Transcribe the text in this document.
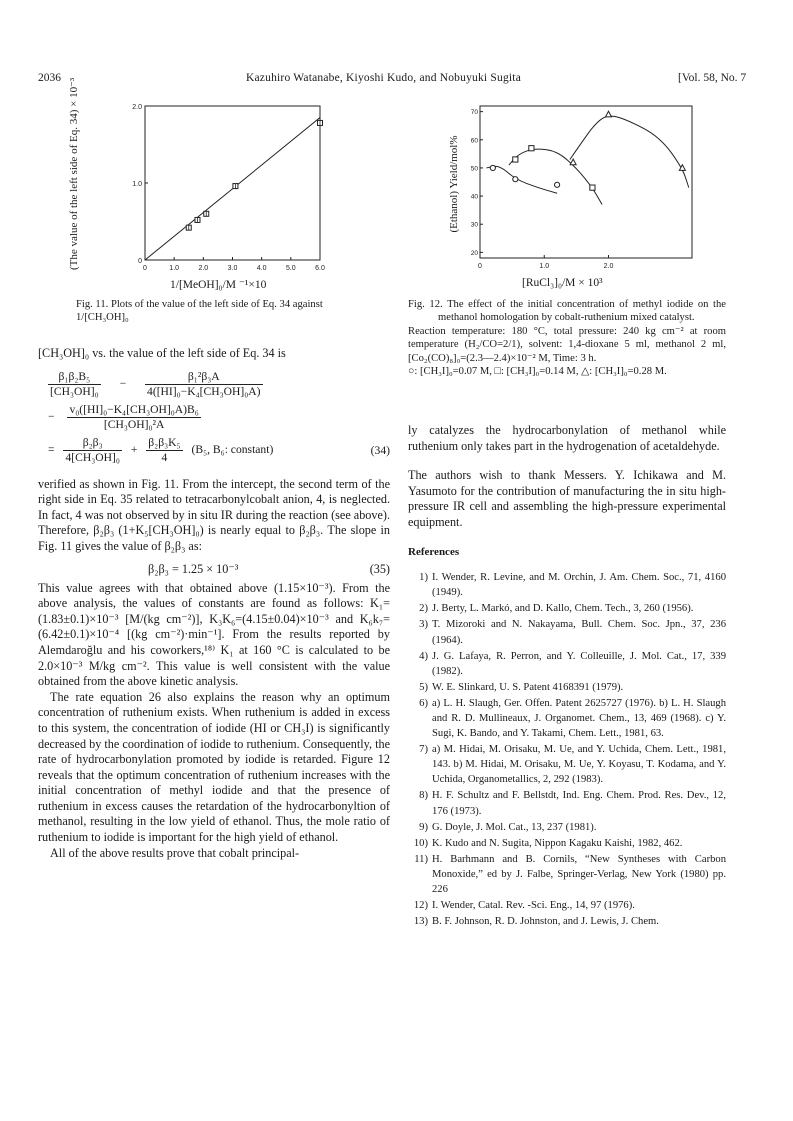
2036	Kazuhiro Watanabe, Kiyoshi Kudo, and Nobuyuki Sugita	[Vol. 58, No. 7
0	1.0	2.0	3.0	4.0	5.0	6.0
0
1.0
2.0
(The value of the left side of Eq. 34) × 10⁻³
1/[MeOH]₀/M ⁻¹×10
Fig. 11. Plots of the value of the left side of Eq. 34 against 1/[CH₃OH]₀
0	1.0	2.0
20
30
40
50
60
70
(Ethanol) Yield/mol%
[RuCl₃]₀/M × 10³

Fig. 12. The effect of the initial concentration of methyl iodide on the methanol homologation by cobalt-ruthenium mixed catalyst.

Reaction temperature: 180 °C, total pressure: 240 kg cm⁻² at room temperature (H₂/CO=2/1), solvent: 1,4-dioxane 5 ml, methanol 2 ml, [Co₂(CO)₈]₀=(2.3—2.4)×10⁻² M, Time: 3 h.

○: [CH₃I]₀=0.07 M, □: [CH₃I]₀=0.14 M, △: [CH₃I]₀=0.28 M.

[CH₃OH]₀ vs. the value of the left side of Eq. 34 is

$\frac{\text{β₁β₂B₅}}{\text{[CH₃OH]₀}} - \frac{\text{β₁²β₃A}}{\text{4([HI]₀−K₄[CH₃OH]₀A)}}$
− $\frac{\text{v₀([HI]₀−K₄[CH₃OH]₀A)B₆}}{\text{[CH₃OH]₀²A}}$
= $\frac{\text{β₂β₃}}{\text{4[CH₃OH]₀}} + \frac{\text{β₂β₃K₅}}{4} (B_5$, B₆: constant)	(34)

verified as shown in Fig. 11. From the intercept, the second term of the right side in Eq. 35 related to tetracarbonylcobalt anion, 4, is neglected. In fact, 4 was not observed by in situ IR during the reaction (see above). Therefore, β₂β₃ (1+K₅[CH₃OH]₀) is nearly equal to β₂β₃. The slope in Fig. 11 gives the value of β₂β₃ as:

β₂β₃ = 1.25 × 10⁻³	(35)

This value agrees with that obtained above (1.15×10⁻³). From the above analysis, the values of constants are found as follows: K₁=(1.83±0.1)×10⁻³ [M/(kg cm⁻²)], K₃K₆=(4.15±0.04)×10⁻³ and K₆k₇=(6.42±0.1)×10⁻⁴ [(kg cm⁻²)·min⁻¹]. From the results reported by Alemdaroğlu and his coworkers,¹⁸⁾ K₁ at 160 °C is calculated to be 2.0×10⁻³ M/kg cm⁻². This value is well consistent with the value obtained from the above kinetic analysis.

The rate equation 26 also explains the reason why an optimum concentration of ruthenium exists. When ruthenium is added in excess to this system, the concentration of iodide (HI or CH₃I) is significantly decreased by the coordination of iodide to ruthenium. Consequently, the rate of hydrocarbonylation promoted by iodide is retarded. Figure 12 reveals that the optimum concentration of ruthenium increases with the initial concentration of methyl iodide and that the presence of ruthenium in excess causes the retardation of the hydrocarbonyltion of methanol, resulting in the low yield of ethanol. Thus, the mole ratio of ruthenium to iodide is important for the high yield of ethanol.

All of the above results prove that cobalt principal-

ly catalyzes the hydrocarbonylation of methanol while ruthenium only takes part in the hydrogenation of acetaldehyde.

The authors wish to thank Messers. Y. Ichikawa and M. Yasumoto for the contribution of manufacturing the in situ high-pressure IR cell and assembling the high-pressure experimental equipment.

References

1) I. Wender, R. Levine, and M. Orchin, J. Am. Chem. Soc., 71, 4160 (1949).

2) J. Berty, L. Markó, and D. Kallo, Chem. Tech., 3, 260 (1956).

3) T. Mizoroki and N. Nakayama, Bull. Chem. Soc. Jpn., 37, 236 (1964).

4) J. G. Lafaya, R. Perron, and Y. Colleuille, J. Mol. Cat., 17, 339 (1982).

5) W. E. Slinkard, U. S. Patent 4168391 (1979).

6) a) L. H. Slaugh, Ger. Offen. Patent 2625727 (1976). b) L. H. Slaugh and R. D. Mullineaux, J. Organomet. Chem., 13, 469 (1968). c) Y. Sugi, K. Bando, and Y. Takami, Chem. Lett., 1981, 63.

7) a) M. Hidai, M. Orisaku, M. Ue, and Y. Uchida, Chem. Lett., 1981, 143. b) M. Hidai, M. Orisaku, M. Ue, Y. Koyasu, T. Kodama, and Y. Uchida, Organometallics, 2, 292 (1983).

8) H. F. Schultz and F. Bellstdt, Ind. Eng. Chem. Prod. Res. Dev., 12, 176 (1973).

9) G. Doyle, J. Mol. Cat., 13, 237 (1981).

10) K. Kudo and N. Sugita, Nippon Kagaku Kaishi, 1982, 462.

11) H. Barhmann and B. Cornils, “New Syntheses with Carbon Monoxide,” ed by J. Falbe, Springer-Verlag, New York (1980) pp. 226

12) I. Wender, Catal. Rev. -Sci. Eng., 14, 97 (1976).

13) B. F. Johnson, R. D. Johnston, and J. Lewis, J. Chem.
